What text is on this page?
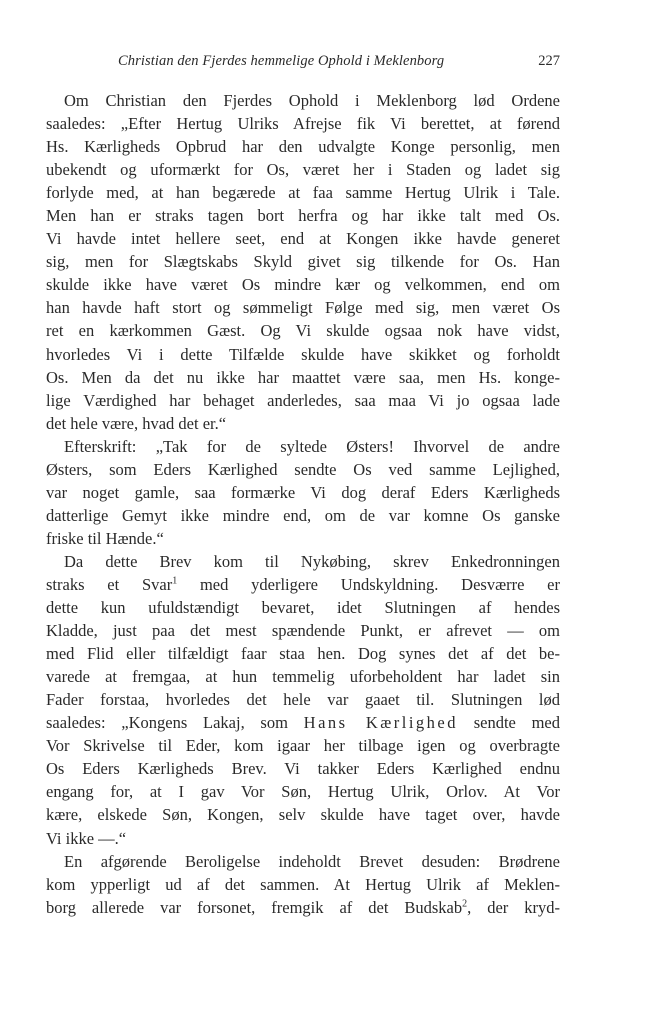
Christian den Fjerdes hemmelige Ophold i Meklenborg	227
Om Christian den Fjerdes Ophold i Meklenborg lød Ordene
saaledes: „Efter Hertug Ulriks Afrejse fik Vi berettet, at førend
Hs. Kærligheds Opbrud har den udvalgte Konge personlig, men
ubekendt og uformærkt for Os, været her i Staden og ladet sig
forlyde med, at han begærede at faa samme Hertug Ulrik i Tale.
Men han er straks tagen bort herfra og har ikke talt med Os.
Vi havde intet hellere seet, end at Kongen ikke havde generet
sig, men for Slægtskabs Skyld givet sig tilkende for Os. Han
skulde ikke have været Os mindre kær og velkommen, end om
han havde haft stort og sømmeligt Følge med sig, men været Os
ret en kærkommen Gæst. Og Vi skulde ogsaa nok have vidst,
hvorledes Vi i dette Tilfælde skulde have skikket og forholdt
Os. Men da det nu ikke har maattet være saa, men Hs. konge-
lige Værdighed har behaget anderledes, saa maa Vi jo ogsaa lade
det hele være, hvad det er.“
Efterskrift: „Tak for de syltede Østers! Ihvorvel de andre
Østers, som Eders Kærlighed sendte Os ved samme Lejlighed,
var noget gamle, saa formærke Vi dog deraf Eders Kærligheds
datterlige Gemyt ikke mindre end, om de var komne Os ganske
friske til Hænde.“
Da dette Brev kom til Nykøbing, skrev Enkedronningen
straks et Svar$^1$ med yderligere Undskyldning. Desværre er
dette kun ufuldstændigt bevaret, idet Slutningen af hendes
Kladde, just paa det mest spændende Punkt, er afrevet — om
med Flid eller tilfældigt faar staa hen. Dog synes det af det be-
varede at fremgaa, at hun temmelig uforbeholdent har ladet sin
Fader forstaa, hvorledes det hele var gaaet til. Slutningen lød
saaledes: „Kongens Lakaj, som Hans Kærlighed sendte med
Vor Skrivelse til Eder, kom igaar her tilbage igen og overbragte
Os Eders Kærligheds Brev. Vi takker Eders Kærlighed endnu
engang for, at I gav Vor Søn, Hertug Ulrik, Orlov. At Vor
kære, elskede Søn, Kongen, selv skulde have taget over, havde
Vi ikke —.“
En afgørende Beroligelse indeholdt Brevet desuden: Brødrene
kom ypperligt ud af det sammen. At Hertug Ulrik af Meklen-
borg allerede var forsonet, fremgik af det Budskab$^2$, der kryd-
